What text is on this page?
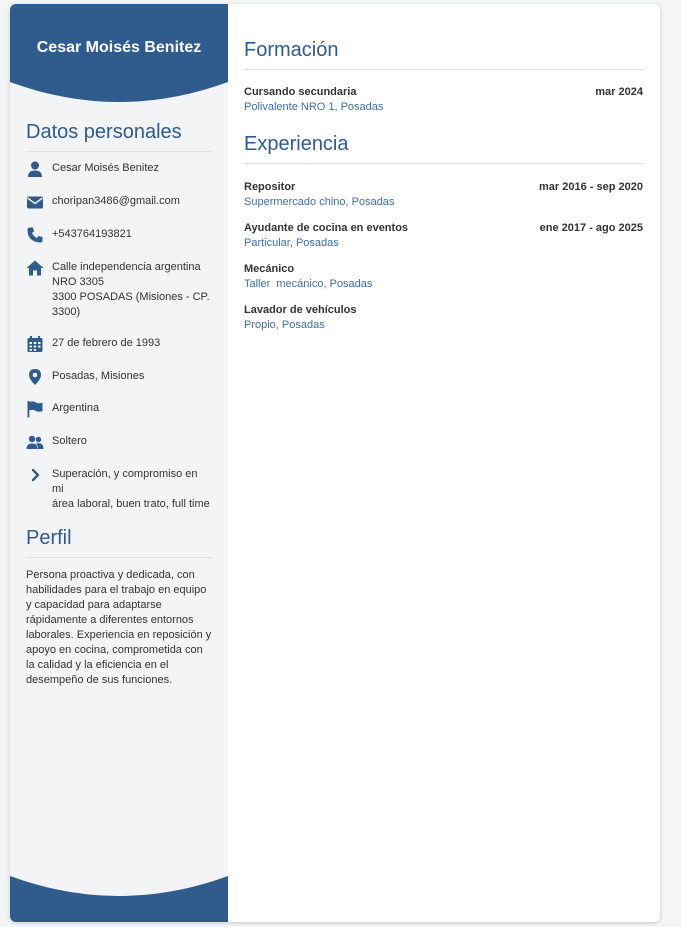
Cesar Moisés Benitez
Datos personales
Cesar Moisés Benitez
choripan3486@gmail.com
+543764193821
Calle independencia argentina
NRO 3305
3300 POSADAS (Misiones - CP.
3300)
27 de febrero de 1993
Posadas, Misiones
Argentina
Soltero
Superación, y compromiso en mi
área laboral, buen trato, full time
Perfil
Persona proactiva y dedicada, con habilidades para el trabajo en equipo y capacidad para adaptarse rápidamente a diferentes entornos laborales. Experiencia en reposición y apoyo en cocina, comprometida con la calidad y la eficiencia en el desempeño de sus funciones.
Formación
Cursando secundaria	mar 2024
Polivalente NRO 1, Posadas
Experiencia
Repositor	mar 2016 - sep 2020
Supermercado chino, Posadas
Ayudante de cocina en eventos	ene 2017 - ago 2025
Particular, Posadas
Mecánico
Taller  mecánico, Posadas
Lavador de vehículos
Propio, Posadas
